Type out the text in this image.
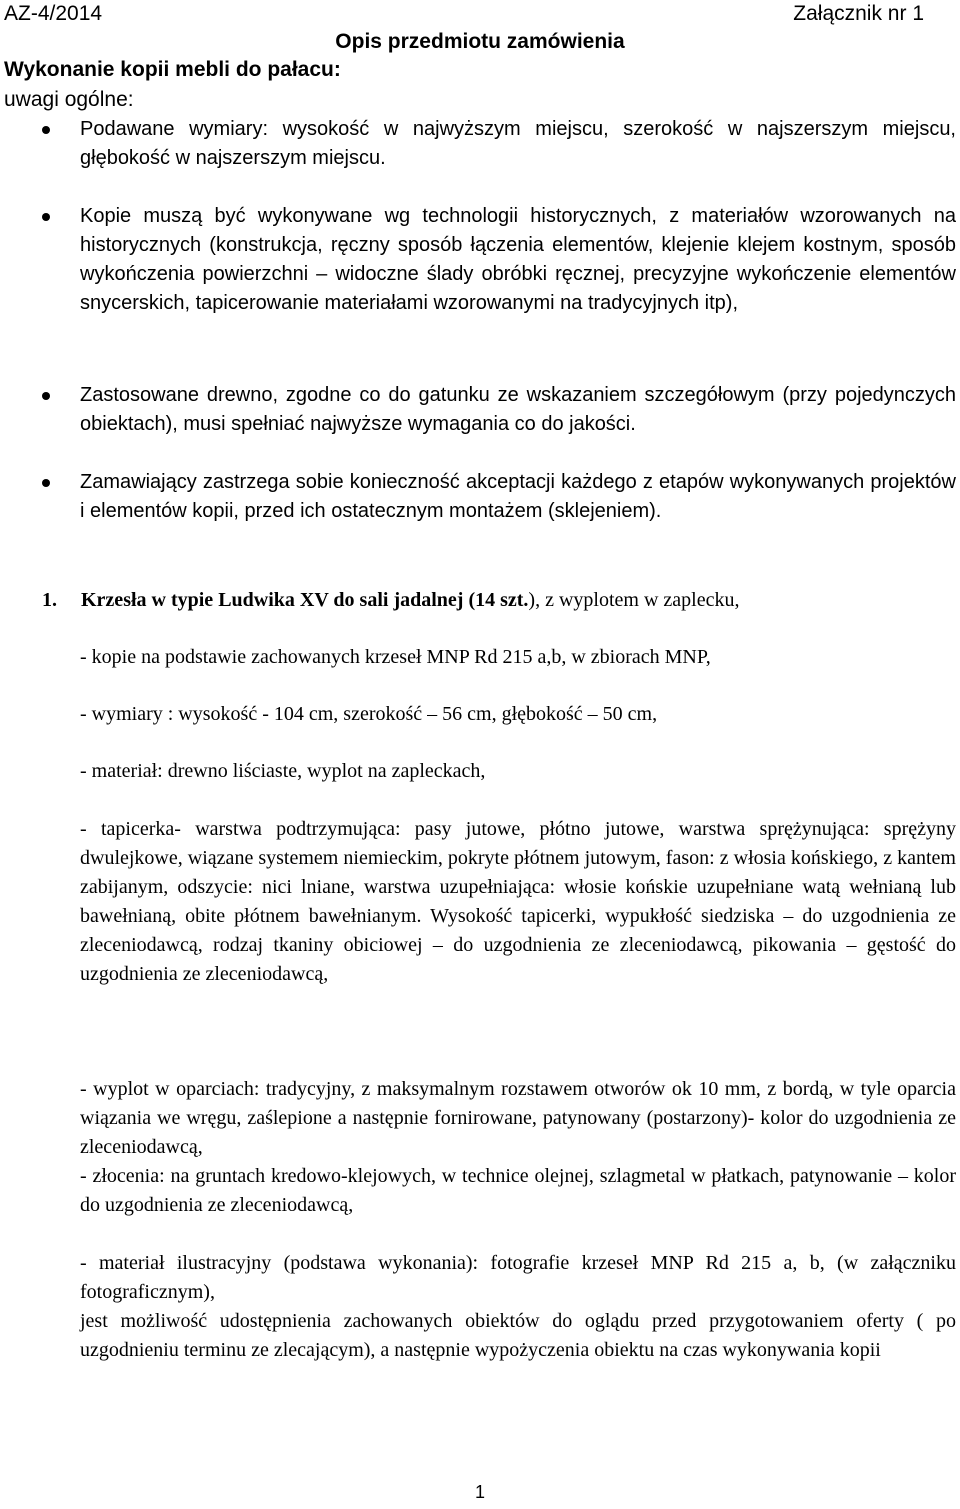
AZ-4/2014	Załącznik nr 1
Opis przedmiotu zamówienia
Wykonanie kopii mebli do pałacu:
uwagi ogólne:
Podawane wymiary: wysokość w najwyższym miejscu, szerokość w najszerszym miejscu, głębokość w najszerszym miejscu.
Kopie muszą być wykonywane wg technologii historycznych, z materiałów wzorowanych na historycznych (konstrukcja, ręczny sposób łączenia elementów, klejenie klejem kostnym, sposób wykończenia powierzchni – widoczne ślady obróbki ręcznej, precyzyjne wykończenie elementów snycerskich, tapicerowanie materiałami wzorowanymi na tradycyjnych itp),
Zastosowane drewno, zgodne co do gatunku ze wskazaniem szczegółowym (przy pojedynczych obiektach), musi spełniać najwyższe wymagania co do jakości.
Zamawiający zastrzega sobie konieczność akceptacji każdego z etapów wykonywanych projektów i elementów kopii, przed ich ostatecznym montażem (sklejeniem).
1. Krzesła w typie Ludwika XV do sali jadalnej (14 szt.), z wyplotem w zaplecku,
- kopie na podstawie zachowanych krzeseł MNP Rd 215 a,b, w zbiorach MNP,
- wymiary : wysokość - 104 cm, szerokość – 56 cm, głębokość – 50 cm,
- materiał: drewno liściaste, wyplot na zapleckach,
- tapicerka- warstwa podtrzymująca: pasy jutowe, płótno jutowe, warstwa sprężynująca: sprężyny dwulejkowe, wiązane systemem niemieckim, pokryte płótnem jutowym, fason: z włosia końskiego, z kantem zabijanym, odszycie: nici lniane, warstwa uzupełniająca: włosie końskie uzupełniane watą wełnianą lub bawełnianą, obite płótnem bawełnianym. Wysokość tapicerki, wypukłość siedziska – do uzgodnienia ze zleceniodawcą, rodzaj tkaniny obiciowej – do uzgodnienia ze zleceniodawcą, pikowania – gęstość do uzgodnienia ze zleceniodawcą,
- wyplot w oparciach: tradycyjny, z maksymalnym rozstawem otworów ok 10 mm, z bordą, w tyle oparcia wiązania we wręgu, zaślepione a następnie fornirowane, patynowany (postarzony)- kolor do uzgodnienia ze zleceniodawcą,
- złocenia: na gruntach kredowo-klejowych, w technice olejnej, szlagmetal w płatkach, patynowanie – kolor do uzgodnienia ze zleceniodawcą,
- materiał ilustracyjny (podstawa wykonania): fotografie krzeseł MNP Rd 215 a, b, (w załączniku fotograficznym),
jest możliwość udostępnienia zachowanych obiektów do oglądu przed przygotowaniem oferty ( po uzgodnieniu terminu ze zlecającym), a następnie wypożyczenia obiektu na czas wykonywania kopii
1
